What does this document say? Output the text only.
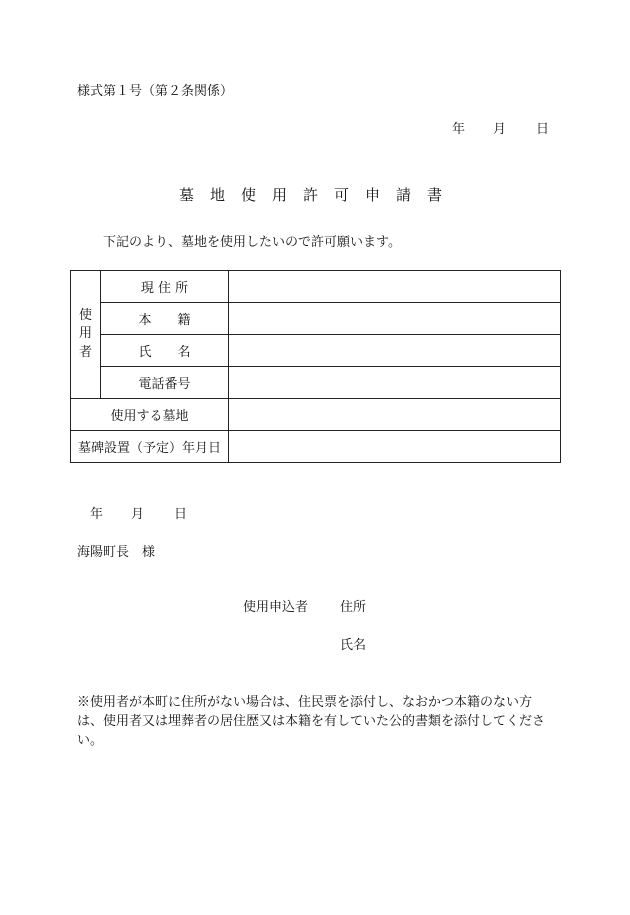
様式第１号（第２条関係）
年 月 日
墓地使用許可申請書
下記のより、墓地を使用したいので許可願います。
使用者	現 住 所	
	本　　籍	
	氏　　名	
	電話番号	
使用する墓地		
墓碑設置（予定）年月日		
年 月 日
海陽町長　様
使用申込者 住所
氏名
※使用者が本町に住所がない場合は、住民票を添付し、なおかつ本籍のない方は、使用者又は埋葬者の居住歴又は本籍を有していた公的書類を添付してください。
